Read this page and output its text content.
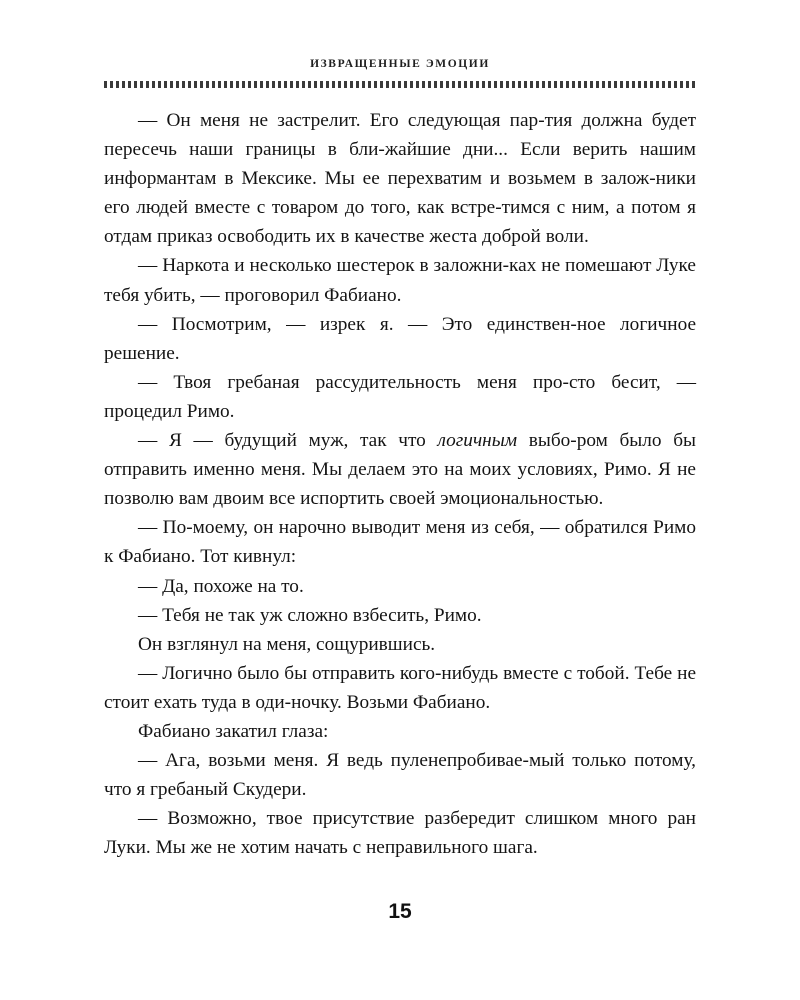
ИЗВРАЩЕННЫЕ ЭМОЦИИ

— Он меня не застрелит. Его следующая пар-тия должна будет пересечь наши границы в бли-жайшие дни... Если верить нашим информантам в Мексике. Мы ее перехватим и возьмем в залож-ники его людей вместе с товаром до того, как встре-тимся с ним, а потом я отдам приказ освободить их в качестве жеста доброй воли.

— Наркота и несколько шестерок в заложни-ках не помешают Луке тебя убить, — проговорил Фабиано.

— Посмотрим, — изрек я. — Это единствен-ное логичное решение.

— Твоя гребаная рассудительность меня про-сто бесит, — процедил Римо.

— Я — будущий муж, так что логичным выбо-ром было бы отправить именно меня. Мы делаем это на моих условиях, Римо. Я не позволю вам двоим все испортить своей эмоциональностью.

— По-моему, он нарочно выводит меня из себя, — обратился Римо к Фабиано. Тот кивнул:

— Да, похоже на то.

— Тебя не так уж сложно взбесить, Римо.

Он взглянул на меня, сощурившись.

— Логично было бы отправить кого-нибудь вместе с тобой. Тебе не стоит ехать туда в оди-ночку. Возьми Фабиано.

Фабиано закатил глаза:

— Ага, возьми меня. Я ведь пуленепробивае-мый только потому, что я гребаный Скудери.

— Возможно, твое присутствие разбередит слишком много ран Луки. Мы же не хотим начать с неправильного шага.

15
